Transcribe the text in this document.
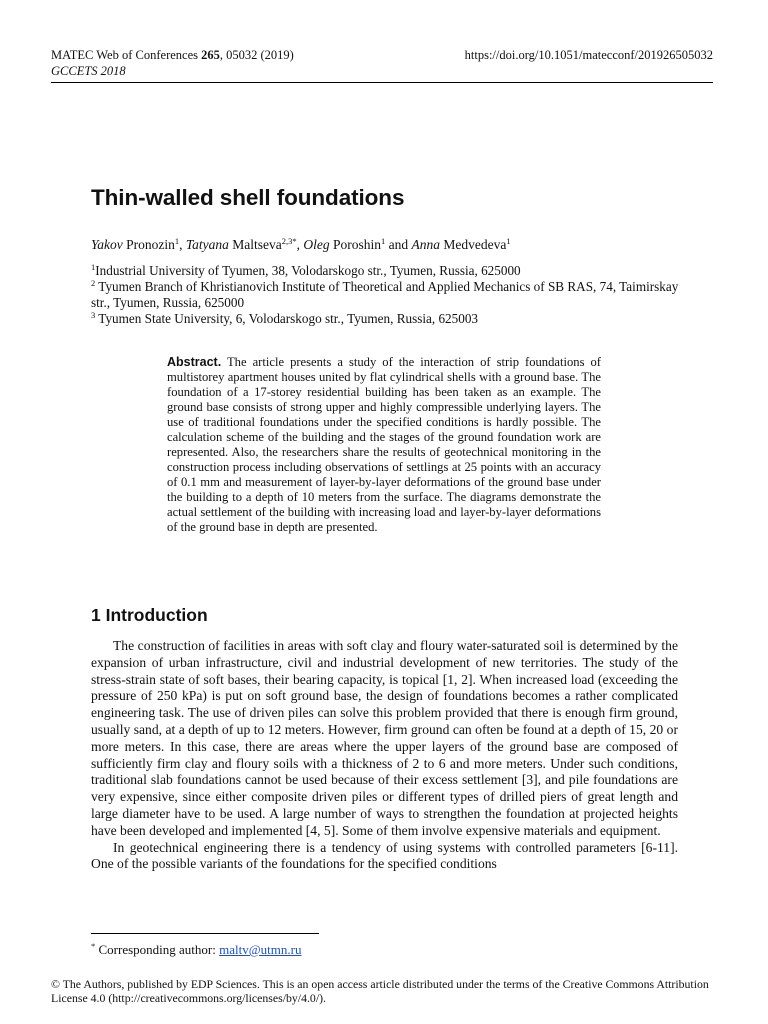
MATEC Web of Conferences 265, 05032 (2019)	https://doi.org/10.1051/matecconf/201926505032
GCCETS 2018
Thin-walled shell foundations
Yakov Pronozin$^1$, Tatyana Maltseva$^{2,3*}$, Oleg Poroshin$^1$ and Anna Medvedeva$^1$
$^1$Industrial University of Tyumen, 38, Volodarskogo str., Tyumen, Russia, 625000
$^2$ Tyumen Branch of Khristianovich Institute of Theoretical and Applied Mechanics of SB RAS, 74, Taimirskay str., Tyumen, Russia, 625000
$^3$ Tyumen State University, 6, Volodarskogo str., Tyumen, Russia, 625003
Abstract. The article presents a study of the interaction of strip foundations of multistorey apartment houses united by flat cylindrical shells with a ground base. The foundation of a 17-storey residential building has been taken as an example. The ground base consists of strong upper and highly compressible underlying layers. The use of traditional foundations under the specified conditions is hardly possible. The calculation scheme of the building and the stages of the ground foundation work are represented. Also, the researchers share the results of geotechnical monitoring in the construction process including observations of settlings at 25 points with an accuracy of 0.1 mm and measurement of layer-by-layer deformations of the ground base under the building to a depth of 10 meters from the surface. The diagrams demonstrate the actual settlement of the building with increasing load and layer-by-layer deformations of the ground base in depth are presented.
1 Introduction

The construction of facilities in areas with soft clay and floury water-saturated soil is determined by the expansion of urban infrastructure, civil and industrial development of new territories. The study of the stress-strain state of soft bases, their bearing capacity, is topical [1, 2]. When increased load (exceeding the pressure of 250 kPa) is put on soft ground base, the design of foundations becomes a rather complicated engineering task. The use of driven piles can solve this problem provided that there is enough firm ground, usually sand, at a depth of up to 12 meters. However, firm ground can often be found at a depth of 15, 20 or more meters. In this case, there are areas where the upper layers of the ground base are composed of sufficiently firm clay and floury soils with a thickness of 2 to 6 and more meters. Under such conditions, traditional slab foundations cannot be used because of their excess settlement [3], and pile foundations are very expensive, since either composite driven piles or different types of drilled piers of great length and large diameter have to be used. A large number of ways to strengthen the foundation at projected heights have been developed and implemented [4, 5]. Some of them involve expensive materials and equipment.

In geotechnical engineering there is a tendency of using systems with controlled parameters [6-11]. One of the possible variants of the foundations for the specified conditions

* Corresponding author: maltv@utmn.ru
© The Authors, published by EDP Sciences. This is an open access article distributed under the terms of the Creative Commons Attribution License 4.0 (http://creativecommons.org/licenses/by/4.0/).
